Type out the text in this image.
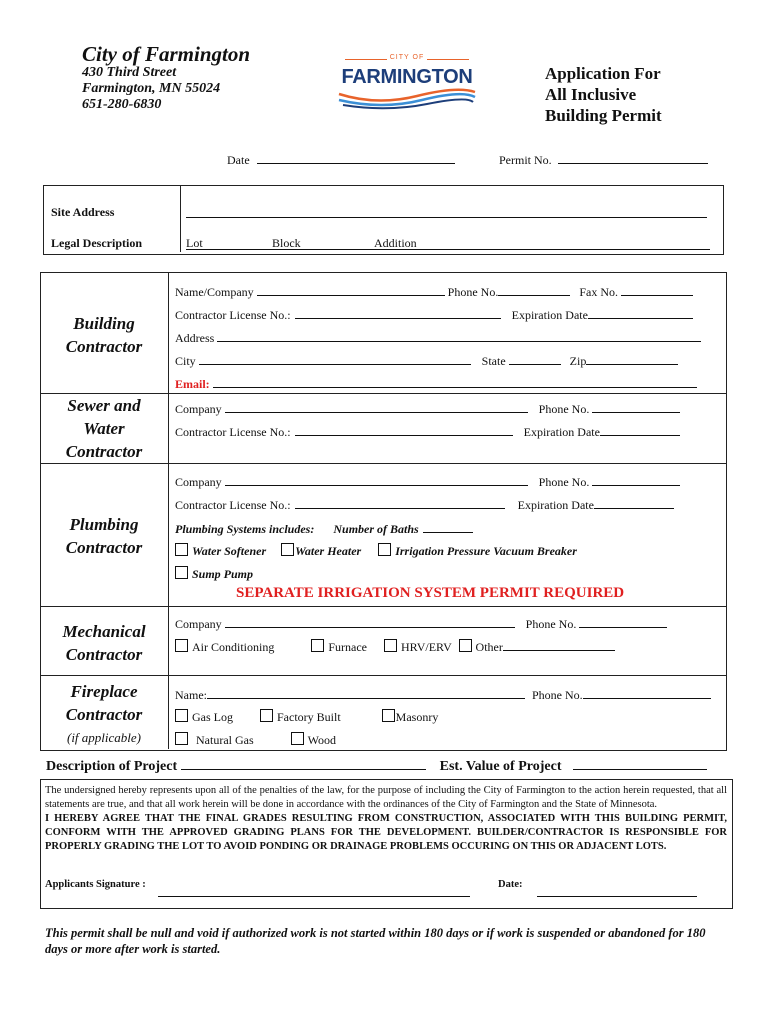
City of Farmington
430 Third Street
Farmington, MN 55024
651-280-6830
CITY OF
FARMINGTON	Application For
All Inclusive
Building Permit
Date	Permit No.
Site Address
Legal Description	Lot	Block	Addition
Building
Contractor
Name/Company	Phone No.	Fax No.
Contractor License No.:	Expiration Date
Address
City	State	Zip
Email:
Sewer and
Water
Contractor
Company	Phone No.
Contractor License No.:	Expiration Date
Plumbing
Contractor
Company	Phone No.
Contractor License No.:	Expiration Date
Plumbing Systems includes: Number of Baths
Water Softener Water Heater	Irrigation Pressure Vacuum Breaker
Sump Pump
SEPARATE IRRIGATION SYSTEM PERMIT REQUIRED
Mechanical
Contractor
Company	Phone No.
Air Conditioning	Furnace	HRV/ERV Other
Fireplace
Contractor
(if applicable)
Name:	Phone No.
Gas Log	Factory Built	Masonry
Natural Gas	Wood
Description of Project	Est. Value of Project

The undersigned hereby represents upon all of the penalties of the law, for the purpose of including the City of Farmington to the action herein requested, that all statements are true, and that all work herein will be done in accordance with the ordinances of the City of Farmington and the State of Minnesota.

I HEREBY AGREE THAT THE FINAL GRADES RESULTING FROM CONSTRUCTION, ASSOCIATED WITH THIS BUILDING PERMIT, CONFORM WITH THE APPROVED GRADING PLANS FOR THE DEVELOPMENT. BUILDER/CONTRACTOR IS RESPONSIBLE FOR PROPERLY GRADING THE LOT TO AVOID PONDING OR DRAINAGE PROBLEMS OCCURING ON THIS OR ADJACENT LOTS.

Applicants Signature :	Date:
This permit shall be null and void if authorized work is not started within 180 days or if work is suspended or abandoned for 180 days or more after work is started.
